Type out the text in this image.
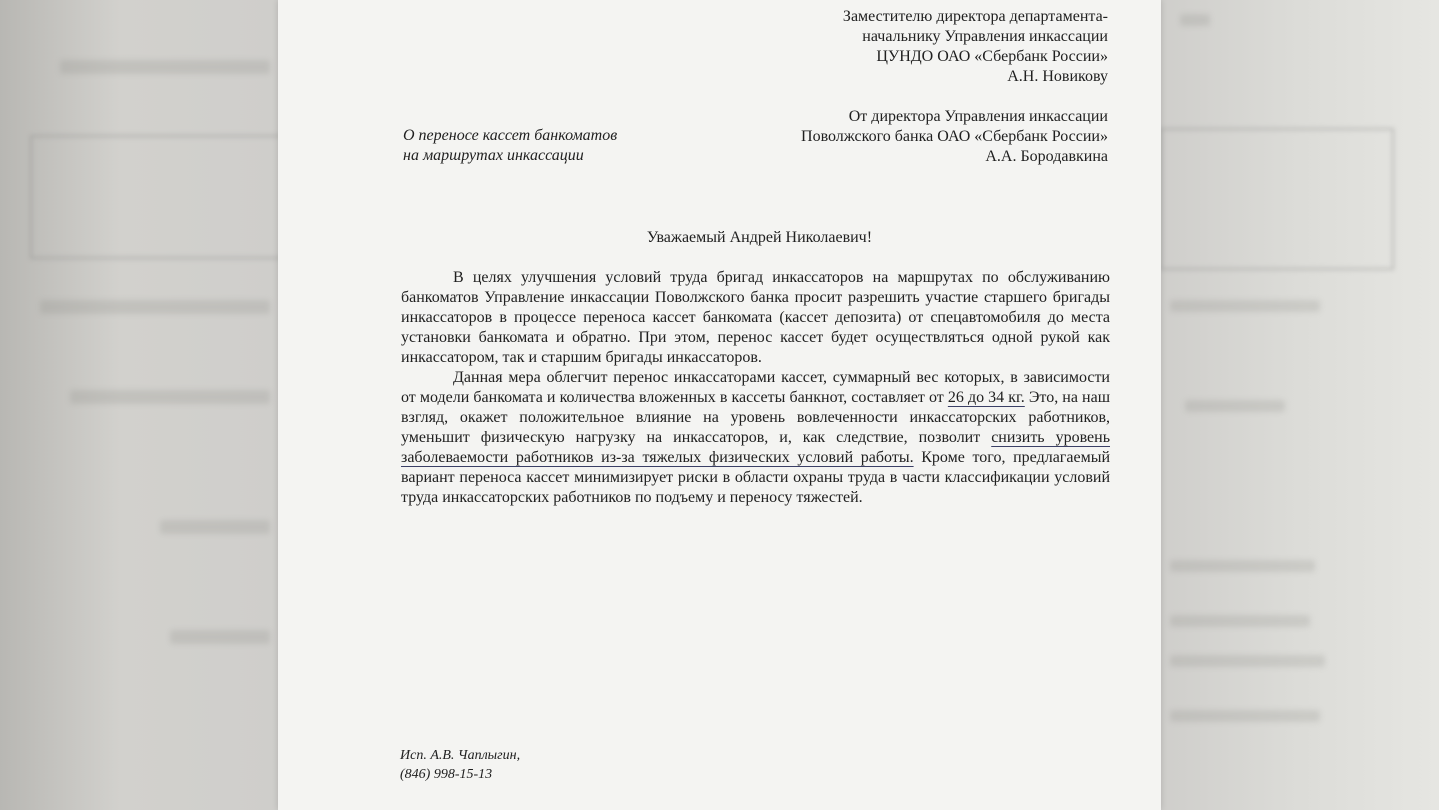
Заместителю директора департамента-
начальнику Управления инкассации
ЦУНДО ОАО «Сбербанк России»
А.Н. Новикову
О переносе кассет банкоматов
на маршрутах инкассации
От директора Управления инкассации
Поволжского банка ОАО «Сбербанк России»
А.А. Бородавкина
Уважаемый Андрей Николаевич!

В целях улучшения условий труда бригад инкассаторов на маршрутах по обслуживанию банкоматов Управление инкассации Поволжского банка просит разрешить участие старшего бригады инкассаторов в процессе переноса кассет банкомата (кассет депозита) от спецавтомобиля до места установки банкомата и обратно. При этом, перенос кассет будет осуществляться одной рукой как инкассатором, так и старшим бригады инкассаторов.

Данная мера облегчит перенос инкассаторами кассет, суммарный вес которых, в зависимости от модели банкомата и количества вложенных в кассеты банкнот, составляет от 26 до 34 кг. Это, на наш взгляд, окажет положительное влияние на уровень вовлеченности инкассаторских работников, уменьшит физическую нагрузку на инкассаторов, и, как следствие, позволит снизить уровень заболеваемости работников из-за тяжелых физических условий работы. Кроме того, предлагаемый вариант переноса кассет минимизирует риски в области охраны труда в части классификации условий труда инкассаторских работников по подъему и переносу тяжестей.

Исп. А.В. Чаплыгин,
(846) 998-15-13
